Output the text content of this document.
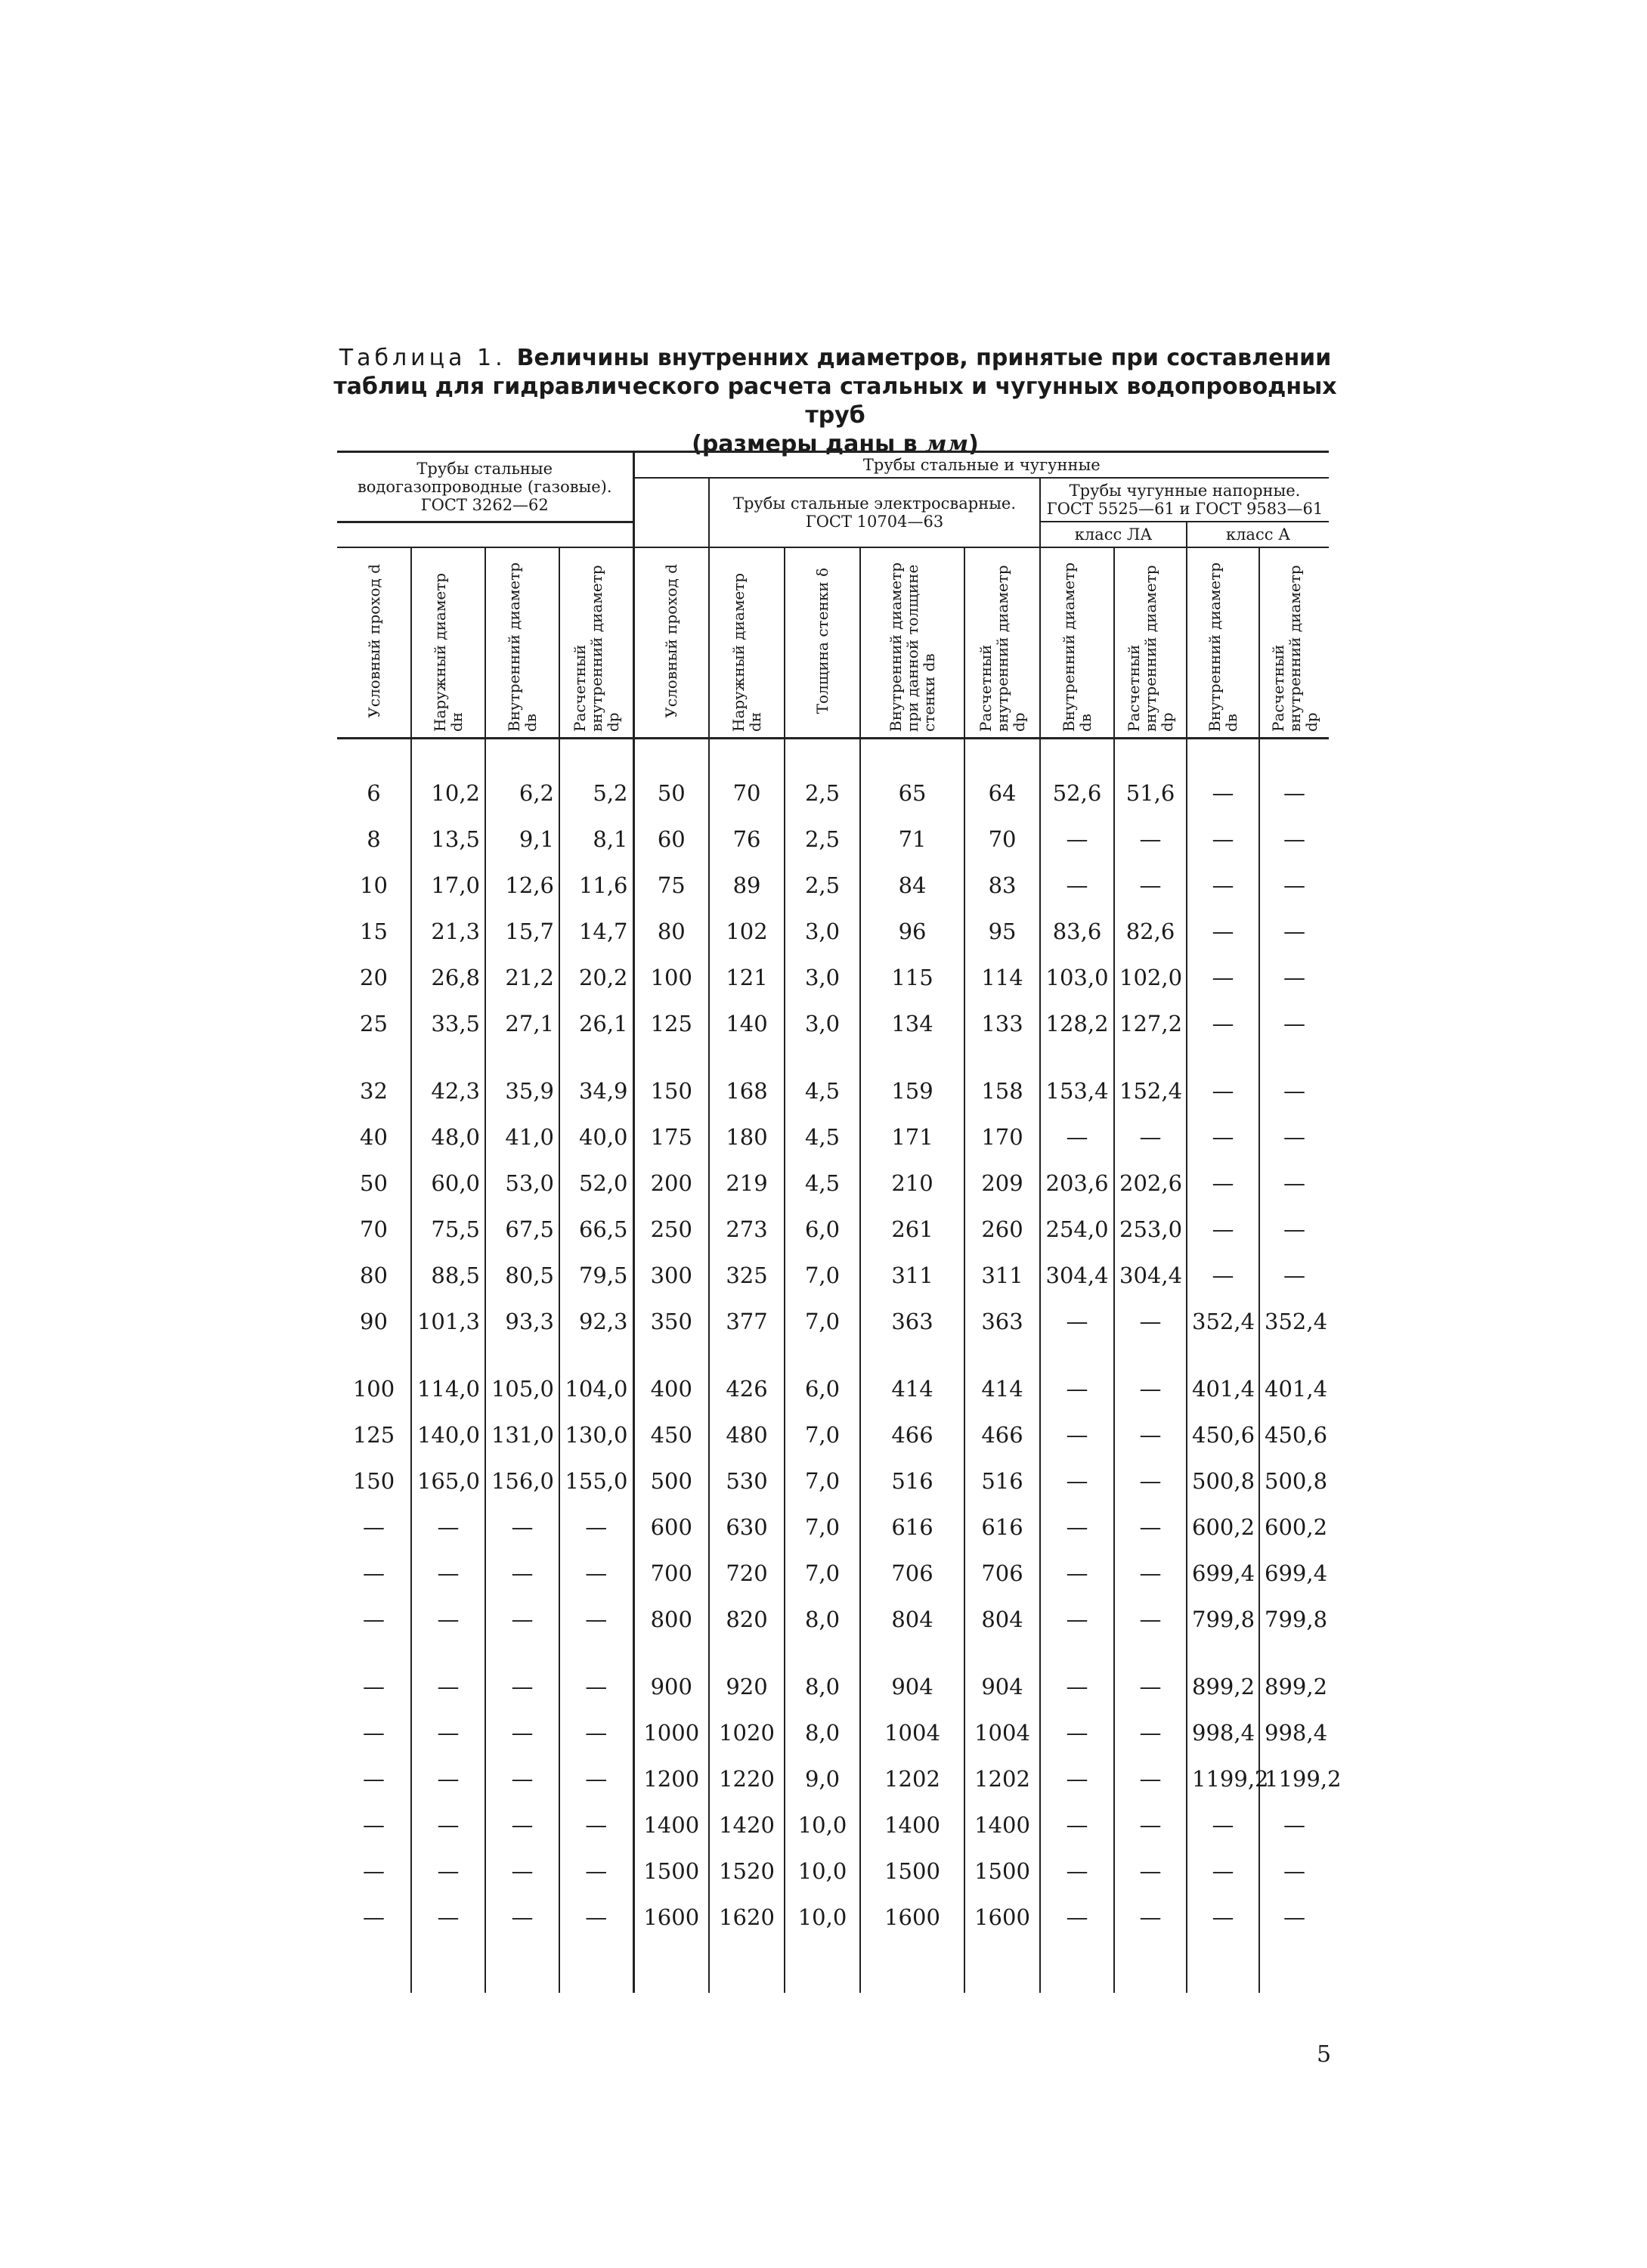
Таблица 1. Величины внутренних диаметров, принятые при составлении
таблиц для гидравлического расчета стальных и чугунных водопроводных труб
(размеры даны в мм)
Трубы стальные водогазопроводные (газовые). ГОСТ 3262—62				Трубы стальные и чугунные								
					Трубы стальные электросварные. ГОСТ 10704—63				Трубы чугунные напорные. ГОСТ 5525—61 и ГОСТ 9583—61			
									класс ЛА		класс А	
Условный проход d	Наружный диаметр dн	Внутренний диаметр dв	Расчетный внутренний диаметр dр	Условный проход d	Наружный диаметр dн	Толщина стенки δ	Внутренний диаметр при данной толщине стенки dв	Расчетный внутренний диаметр dр	Внутренний диаметр dв	Расчетный внутренний диаметр dр	Внутренний диаметр dв	Расчетный внутренний диаметр dр
6	10,2	6,2	5,2	50	70	2,5	65	64	52,6	51,6	—	—
8	13,5	9,1	8,1	60	76	2,5	71	70	—	—	—	—
10	17,0	12,6	11,6	75	89	2,5	84	83	—	—	—	—
15	21,3	15,7	14,7	80	102	3,0	96	95	83,6	82,6	—	—
20	26,8	21,2	20,2	100	121	3,0	115	114	103,0	102,0	—	—
25	33,5	27,1	26,1	125	140	3,0	134	133	128,2	127,2	—	—
32	42,3	35,9	34,9	150	168	4,5	159	158	153,4	152,4	—	—
40	48,0	41,0	40,0	175	180	4,5	171	170	—	—	—	—
50	60,0	53,0	52,0	200	219	4,5	210	209	203,6	202,6	—	—
70	75,5	67,5	66,5	250	273	6,0	261	260	254,0	253,0	—	—
80	88,5	80,5	79,5	300	325	7,0	311	311	304,4	304,4	—	—
90	101,3	93,3	92,3	350	377	7,0	363	363	—	—	352,4	352,4
100	114,0	105,0	104,0	400	426	6,0	414	414	—	—	401,4	401,4
125	140,0	131,0	130,0	450	480	7,0	466	466	—	—	450,6	450,6
150	165,0	156,0	155,0	500	530	7,0	516	516	—	—	500,8	500,8
—	—	—	—	600	630	7,0	616	616	—	—	600,2	600,2
—	—	—	—	700	720	7,0	706	706	—	—	699,4	699,4
—	—	—	—	800	820	8,0	804	804	—	—	799,8	799,8
—	—	—	—	900	920	8,0	904	904	—	—	899,2	899,2
—	—	—	—	1000	1020	8,0	1004	1004	—	—	998,4	998,4
—	—	—	—	1200	1220	9,0	1202	1202	—	—	1199,2	1199,2
—	—	—	—	1400	1420	10,0	1400	1400	—	—	—	—
—	—	—	—	1500	1520	10,0	1500	1500	—	—	—	—
—	—	—	—	1600	1620	10,0	1600	1600	—	—	—	—
5
